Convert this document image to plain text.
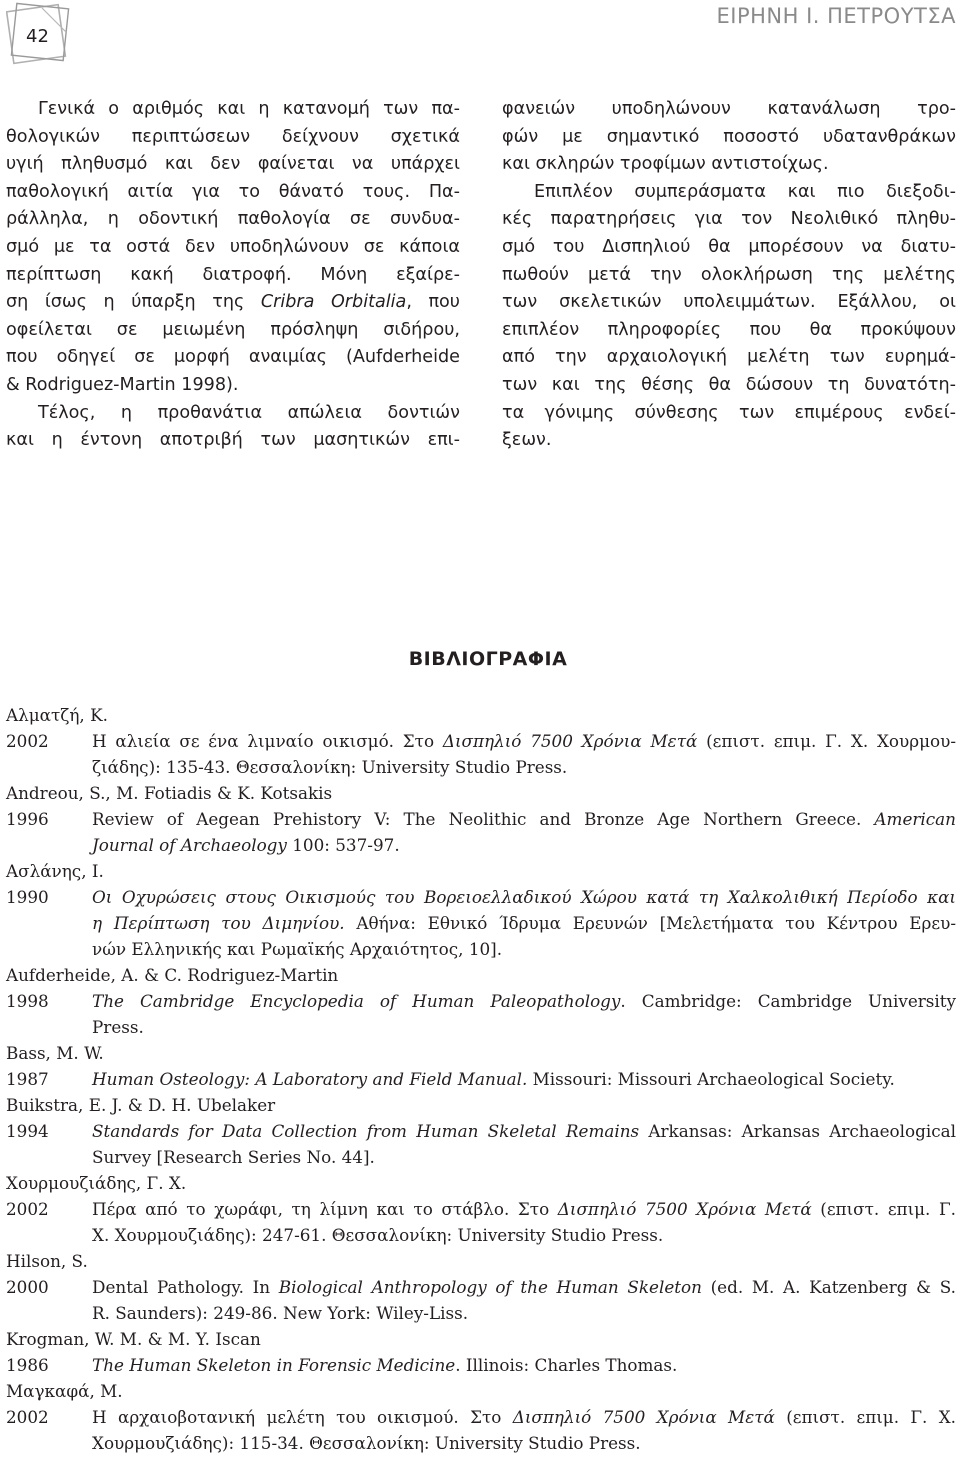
42
ΕΙΡΗΝΗ Ι. ΠΕΤΡΟΥΤΣΑ
Γενικά ο αριθμός και η κατανομή των πα-
θολογικών περιπτώσεων δείχνουν σχετικά
υγιή πληθυσμό και δεν φαίνεται να υπάρχει
παθολογική αιτία για το θάνατό τους. Πα-
ράλληλα, η οδοντική παθολογία σε συνδυα-
σμό με τα οστά δεν υποδηλώνουν σε κάποια
περίπτωση κακή διατροφή. Μόνη εξαίρε-
ση ίσως η ύπαρξη της Cribra Orbitalia, που
οφείλεται σε μειωμένη πρόσληψη σιδήρου,
που οδηγεί σε μορφή αναιμίας (Aufderheide
& Rodriguez-Martin 1998).
Τέλος, η προθανάτια απώλεια δοντιών
και η έντονη αποτριβή των μασητικών επι-
φανειών υποδηλώνουν κατανάλωση τρο-
φών με σημαντικό ποσοστό υδατανθράκων
και σκληρών τροφίμων αντιστοίχως.
Επιπλέον συμπεράσματα και πιο διεξοδι-
κές παρατηρήσεις για τον Νεολιθικό πληθυ-
σμό του Δισπηλιού θα μπορέσουν να διατυ-
πωθούν μετά την ολοκλήρωση της μελέτης
των σκελετικών υπολειμμάτων. Εξάλλου, οι
επιπλέον πληροφορίες που θα προκύψουν
από την αρχαιολογική μελέτη των ευρημά-
των και της θέσης θα δώσουν τη δυνατότη-
τα γόνιμης σύνθεσης των επιμέρους ενδεί-
ξεων.
ΒΙΒΛΙΟΓΡΑΦΙΑ
Αλματζή, Κ.
2002	Η αλιεία σε ένα λιμναίο οικισμό. Στο Δισπηλιό 7500 Χρόνια Μετά (επιστ. επιμ. Γ. Χ. Χουρμου-
ζιάδης): 135-43. Θεσσαλονίκη: University Studio Press.
Andreou, S., M. Fotiadis & K. Kotsakis
1996	Review of Aegean Prehistory V: The Neolithic and Bronze Age Northern Greece. American
Journal of Archaeology 100: 537-97.
Ασλάνης, Ι.
1990	Οι Οχυρώσεις στους Οικισμούς του Βορειοελλαδικού Χώρου κατά τη Χαλκολιθική Περίοδο και
η Περίπτωση του Διμηνίου. Αθήνα: Εθνικό Ίδρυμα Ερευνών [Μελετήματα του Κέντρου Ερευ-
νών Ελληνικής και Ρωμαϊκής Αρχαιότητος, 10].
Aufderheide, A. & C. Rodriguez-Martin
1998	The Cambridge Encyclopedia of Human Paleopathology. Cambridge: Cambridge University
Press.
Bass, M. W.
1987	Human Osteology: A Laboratory and Field Manual. Missouri: Missouri Archaeological Society.
Buikstra, E. J. & D. H. Ubelaker
1994	Standards for Data Collection from Human Skeletal Remains Arkansas: Arkansas Archaeological
Survey [Research Series No. 44].
Χουρμουζιάδης, Γ. Χ.
2002	Πέρα από το χωράφι, τη λίμνη και το στάβλο. Στο Δισπηλιό 7500 Χρόνια Μετά (επιστ. επιμ. Γ.
Χ. Χουρμουζιάδης): 247-61. Θεσσαλονίκη: University Studio Press.
Hilson, S.
2000	Dental Pathology. In Biological Anthropology of the Human Skeleton (ed. M. A. Katzenberg & S.
R. Saunders): 249-86. New York: Wiley-Liss.
Krogman, W. M. & M. Y. Iscan
1986	The Human Skeleton in Forensic Medicine. Illinois: Charles Thomas.
Μαγκαφά, Μ.
2002	Η αρχαιοβοτανική μελέτη του οικισμού. Στο Δισπηλιό 7500 Χρόνια Μετά (επιστ. επιμ. Γ. Χ.
Χουρμουζιάδης): 115-34. Θεσσαλονίκη: University Studio Press.
